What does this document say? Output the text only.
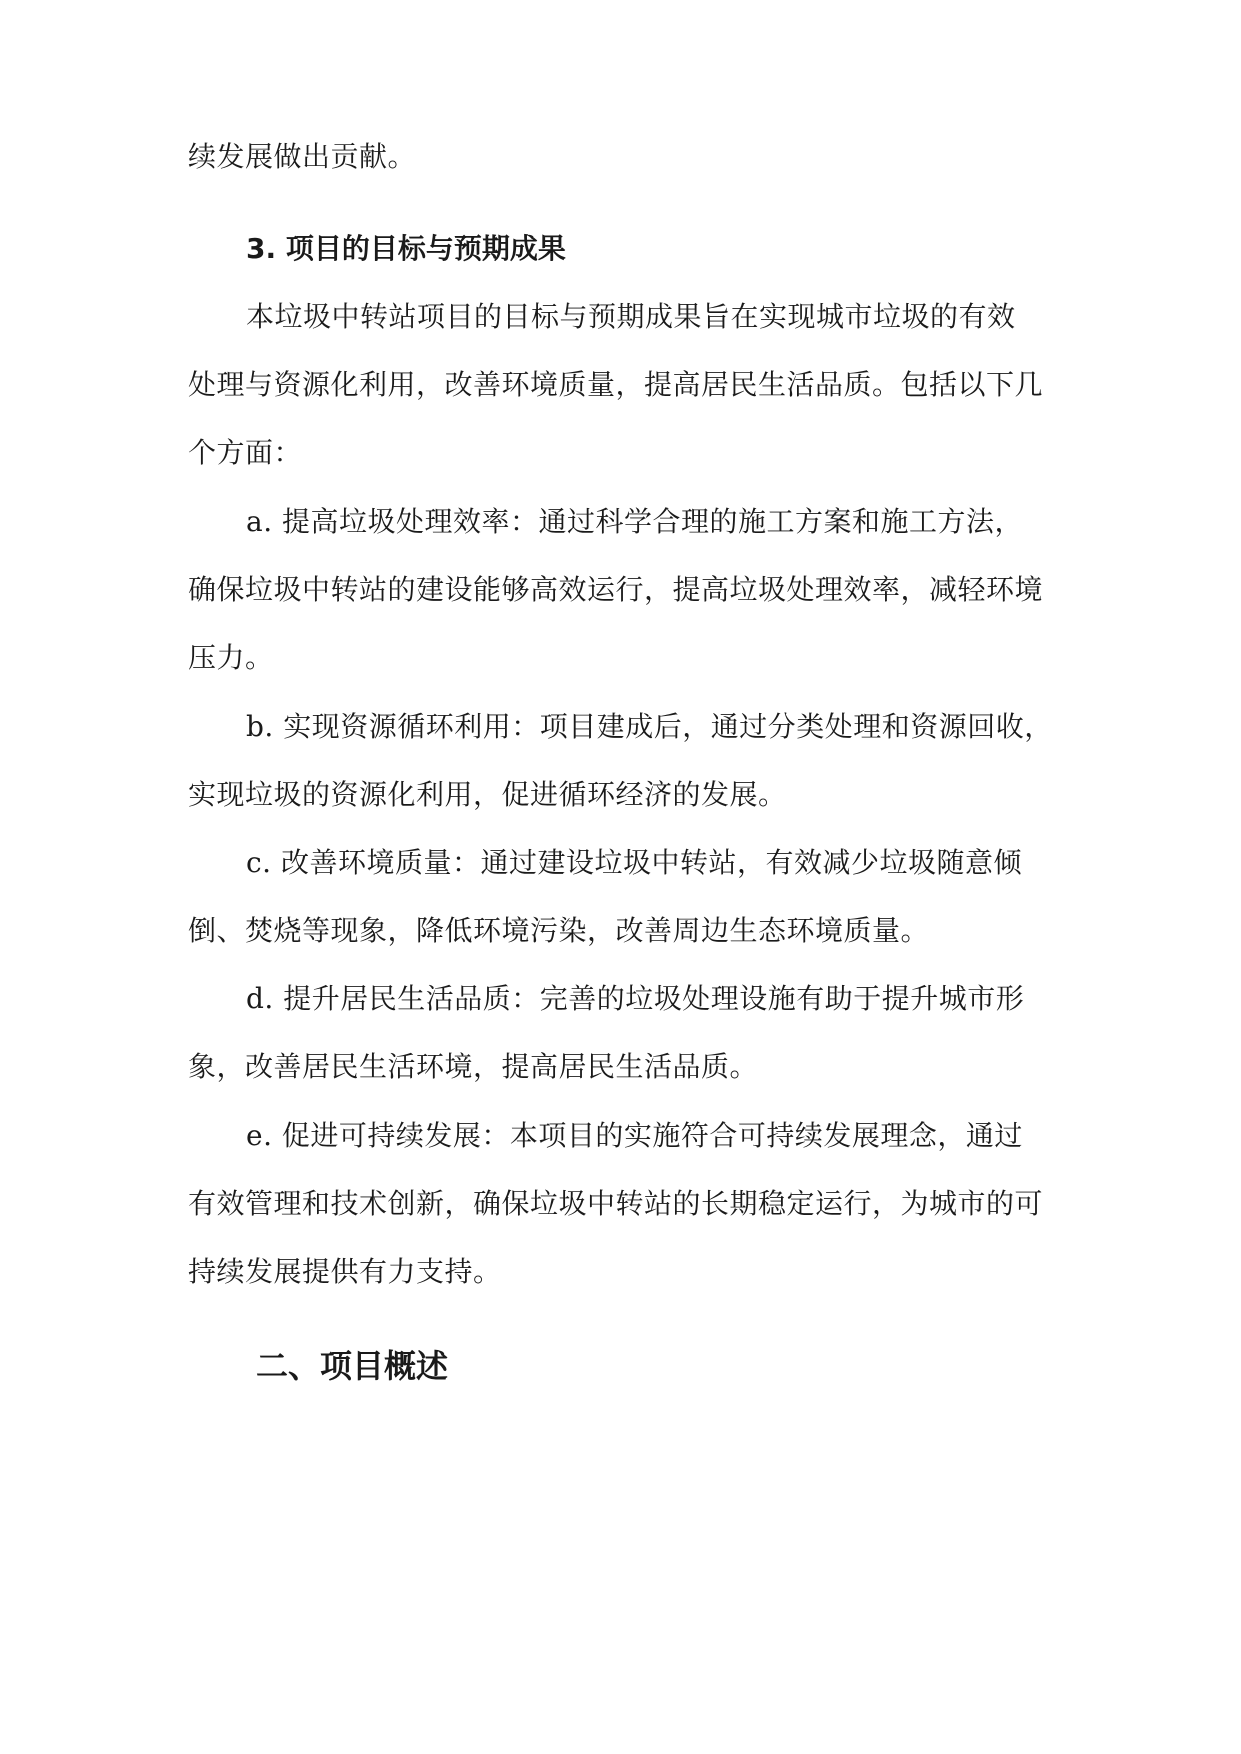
续发展做出贡献。
3. 项目的目标与预期成果
本垃圾中转站项目的目标与预期成果旨在实现城市垃圾的有效
处理与资源化利用，改善环境质量，提高居民生活品质。包括以下几
个方面：
a. 提高垃圾处理效率：通过科学合理的施工方案和施工方法，
确保垃圾中转站的建设能够高效运行，提高垃圾处理效率，减轻环境
压力。
b. 实现资源循环利用：项目建成后，通过分类处理和资源回收，
实现垃圾的资源化利用，促进循环经济的发展。
c. 改善环境质量：通过建设垃圾中转站，有效减少垃圾随意倾
倒、焚烧等现象，降低环境污染，改善周边生态环境质量。
d. 提升居民生活品质：完善的垃圾处理设施有助于提升城市形
象，改善居民生活环境，提高居民生活品质。
e. 促进可持续发展：本项目的实施符合可持续发展理念，通过
有效管理和技术创新，确保垃圾中转站的长期稳定运行，为城市的可
持续发展提供有力支持。
二、项目概述
